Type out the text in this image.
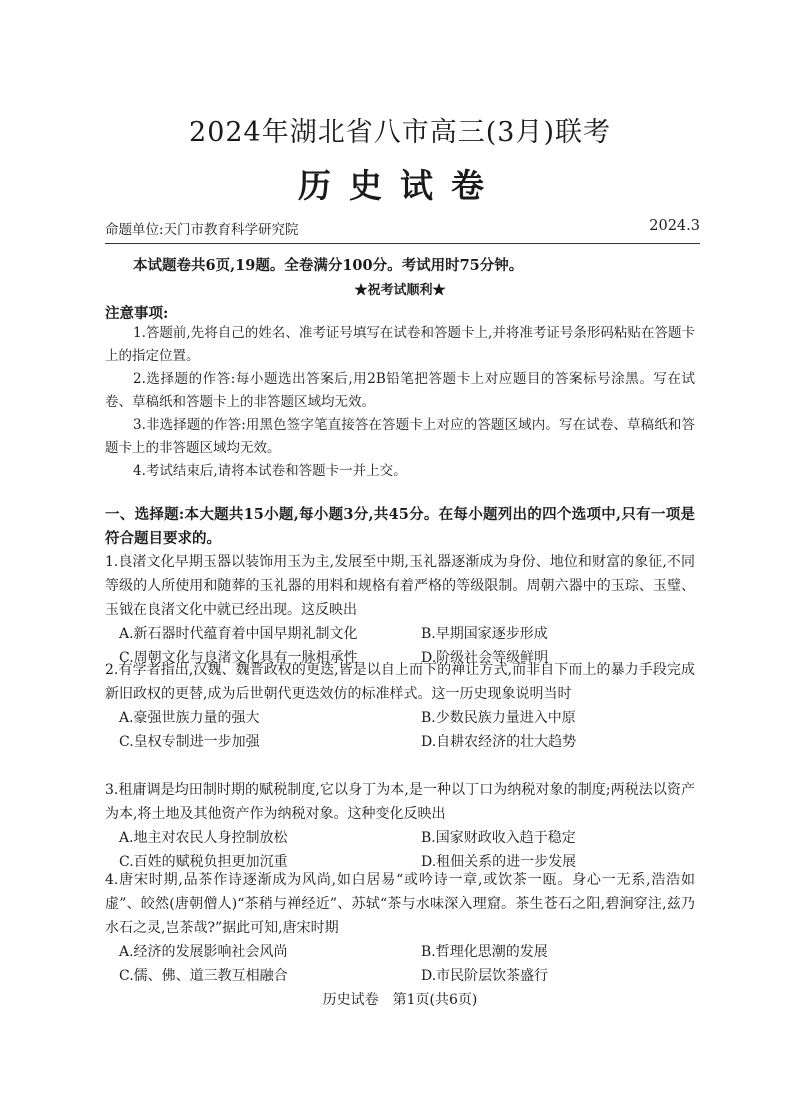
2024年湖北省八市高三(3月)联考
历史试卷
命题单位:天门市教育科学研究院	2024.3
本试题卷共6页,19题。全卷满分100分。考试用时75分钟。
★祝考试顺利★
注意事项:
1.答题前,先将自己的姓名、准考证号填写在试卷和答题卡上,并将准考证号条形码粘贴在答题卡上的指定位置。
2.选择题的作答:每小题选出答案后,用2B铅笔把答题卡上对应题目的答案标号涂黑。写在试卷、草稿纸和答题卡上的非答题区域均无效。
3.非选择题的作答:用黑色签字笔直接答在答题卡上对应的答题区域内。写在试卷、草稿纸和答题卡上的非答题区域均无效。
4.考试结束后,请将本试卷和答题卡一并上交。
一、选择题:本大题共15小题,每小题3分,共45分。在每小题列出的四个选项中,只有一项是符合题目要求的。
1.良渚文化早期玉器以装饰用玉为主,发展至中期,玉礼器逐渐成为身份、地位和财富的象征,不同等级的人所使用和随葬的玉礼器的用料和规格有着严格的等级限制。周朝六器中的玉琮、玉璧、玉钺在良渚文化中就已经出现。这反映出
A.新石器时代蕴育着中国早期礼制文化	B.早期国家逐步形成
C.周朝文化与良渚文化具有一脉相承性	D.阶级社会等级鲜明
2.有学者指出,汉魏、魏晋政权的更迭,皆是以自上而下的禅让方式,而非自下而上的暴力手段完成新旧政权的更替,成为后世朝代更迭效仿的标准样式。这一历史现象说明当时
A.豪强世族力量的强大	B.少数民族力量进入中原
C.皇权专制进一步加强	D.自耕农经济的壮大趋势
3.租庸调是均田制时期的赋税制度,它以身丁为本,是一种以丁口为纳税对象的制度;两税法以资产为本,将土地及其他资产作为纳税对象。这种变化反映出
A.地主对农民人身控制放松	B.国家财政收入趋于稳定
C.百姓的赋税负担更加沉重	D.租佃关系的进一步发展
4.唐宋时期,品茶作诗逐渐成为风尚,如白居易“或吟诗一章,或饮茶一瓯。身心一无系,浩浩如虚”、皎然(唐朝僧人)“茶稍与禅经近”、苏轼“茶与水味深入理窟。茶生苍石之阳,碧涧穿注,兹乃水石之灵,岂茶哉?”据此可知,唐宋时期
A.经济的发展影响社会风尚	B.哲理化思潮的发展
C.儒、佛、道三教互相融合	D.市民阶层饮茶盛行
历史试卷　第1页(共6页)
